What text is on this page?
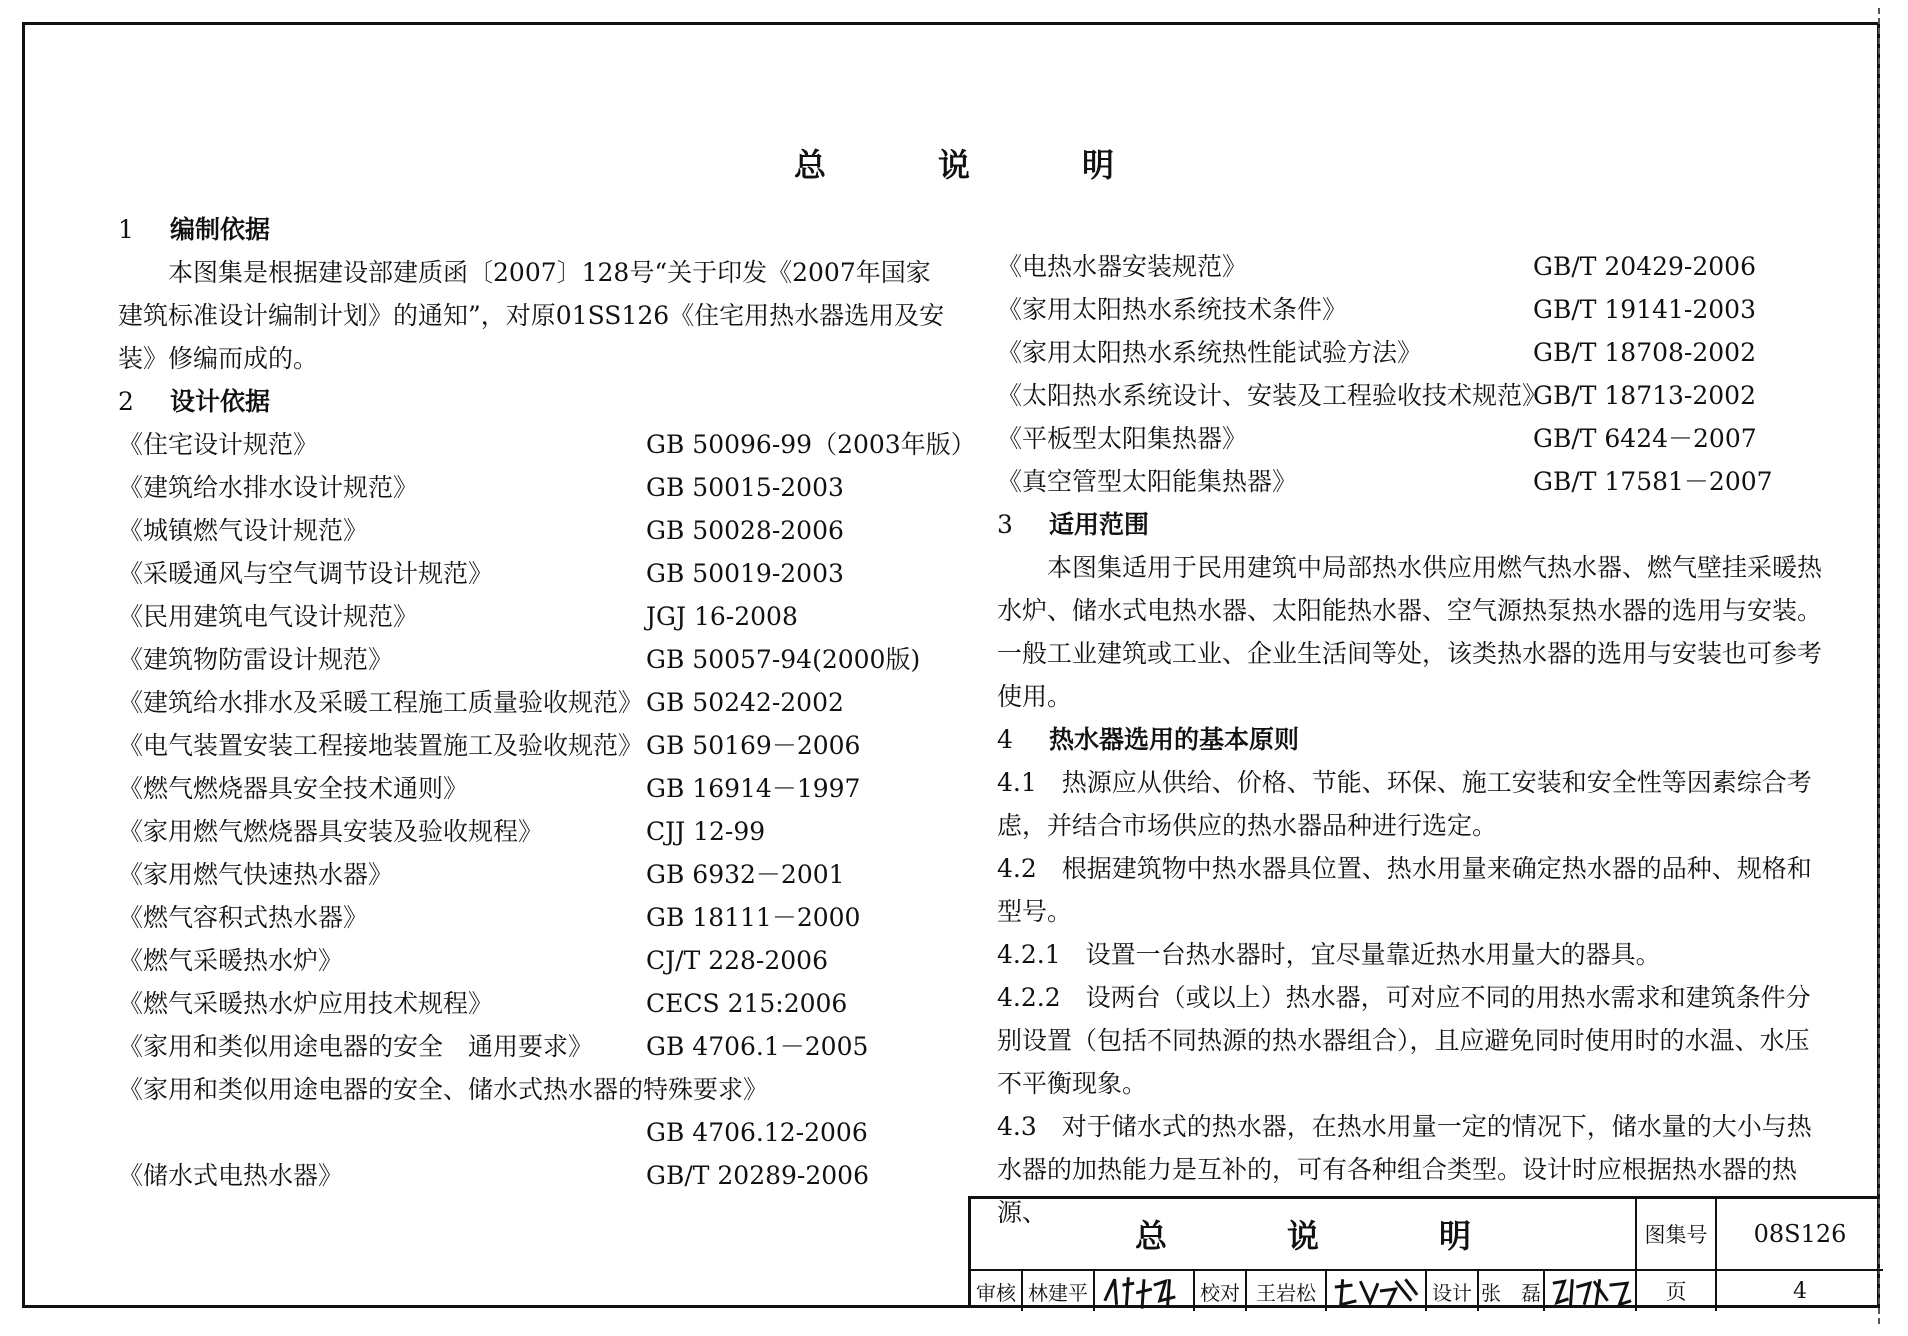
总　说　明
1 编制依据
本图集是根据建设部建质函〔2007〕128号“关于印发《2007年国家建筑标准设计编制计划》的通知”，对原01SS126《住宅用热水器选用及安装》修编而成的。
2 设计依据
《住宅设计规范》	GB 50096-99（2003年版）
《建筑给水排水设计规范》	GB 50015-2003
《城镇燃气设计规范》	GB 50028-2006
《采暖通风与空气调节设计规范》	GB 50019-2003
《民用建筑电气设计规范》	JGJ 16-2008
《建筑物防雷设计规范》	GB 50057-94(2000版)
《建筑给水排水及采暖工程施工质量验收规范》 GB 50242-2002
《电气装置安装工程接地装置施工及验收规范》 GB 50169－2006
《燃气燃烧器具安全技术通则》	GB 16914－1997
《家用燃气燃烧器具安装及验收规程》	CJJ 12-99
《家用燃气快速热水器》	GB 6932－2001
《燃气容积式热水器》	GB 18111－2000
《燃气采暖热水炉》	CJ/T 228-2006
《燃气采暖热水炉应用技术规程》	CECS 215:2006
《家用和类似用途电器的安全　通用要求》 GB 4706.1－2005
《家用和类似用途电器的安全、储水式热水器的特殊要求》
GB 4706.12-2006
《储水式电热水器》	GB/T 20289-2006
《电热水器安装规范》	GB/T 20429-2006
《家用太阳热水系统技术条件》	GB/T 19141-2003
《家用太阳热水系统热性能试验方法》	GB/T 18708-2002
《太阳热水系统设计、安装及工程验收技术规范》
GB/T 18713-2002
《平板型太阳集热器》	GB/T 6424－2007
《真空管型太阳能集热器》	GB/T 17581－2007
3 适用范围
本图集适用于民用建筑中局部热水供应用燃气热水器、燃气壁挂采暖热水炉、储水式电热水器、太阳能热水器、空气源热泵热水器的选用与安装。一般工业建筑或工业、企业生活间等处，该类热水器的选用与安装也可参考使用。
4 热水器选用的基本原则
4.1　热源应从供给、价格、节能、环保、施工安装和安全性等因素综合考虑，并结合市场供应的热水器品种进行选定。
4.2　根据建筑物中热水器具位置、热水用量来确定热水器的品种、规格和型号。
4.2.1　设置一台热水器时，宜尽量靠近热水用量大的器具。
4.2.2　设两台（或以上）热水器，可对应不同的用热水需求和建筑条件分别设置（包括不同热源的热水器组合），且应避免同时使用时的水温、水压不平衡现象。
4.3　对于储水式的热水器，在热水用量一定的情况下，储水量的大小与热水器的加热能力是互补的，可有各种组合类型。设计时应根据热水器的热源、
总　说　明	图集号	08S126
审核 林建平	校对 王岩松	设计 张　磊	页	4
